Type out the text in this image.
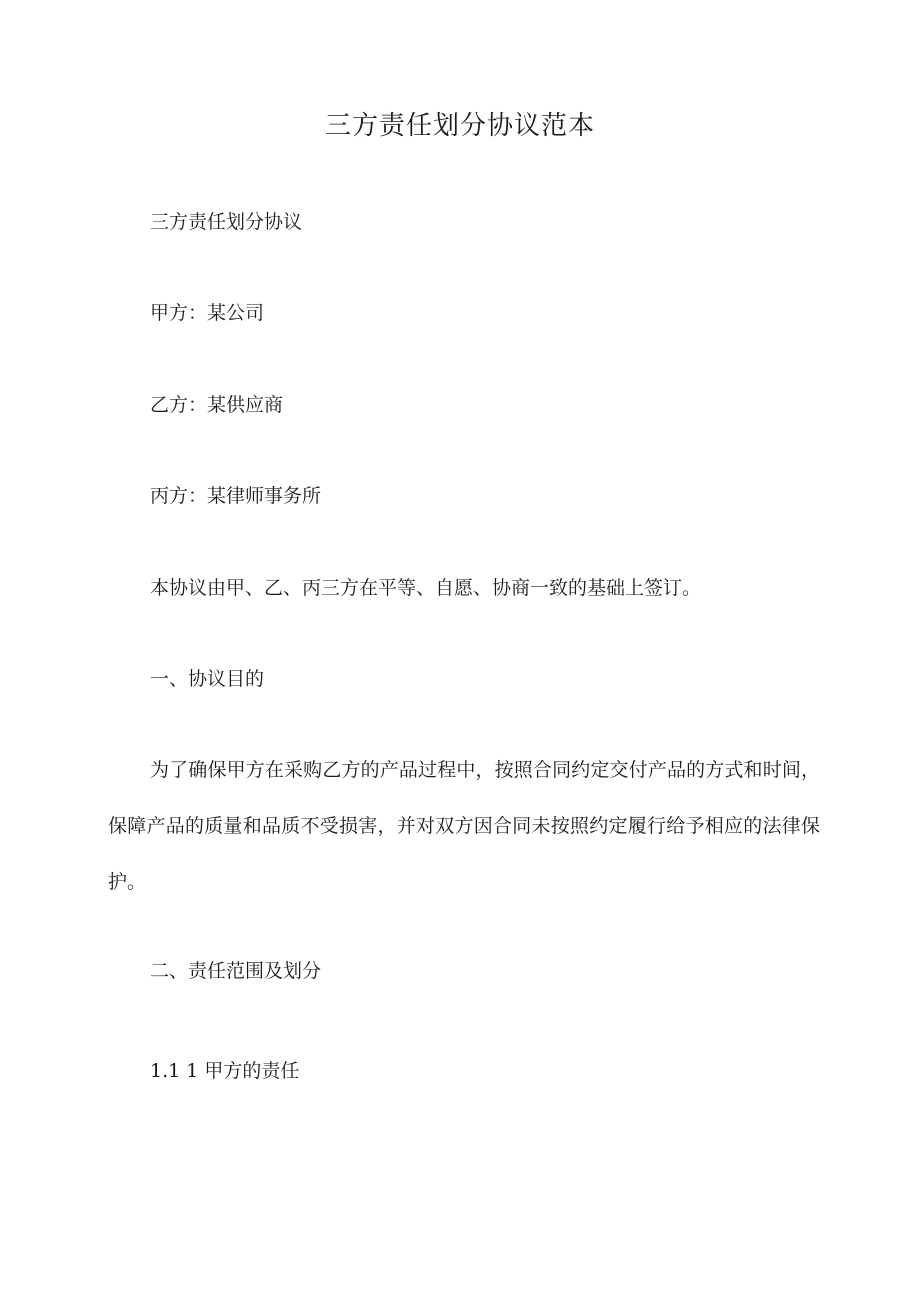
三方责任划分协议范本

三方责任划分协议

甲方：某公司

乙方：某供应商

丙方：某律师事务所

本协议由甲、乙、丙三方在平等、自愿、协商一致的基础上签订。

一、协议目的

为了确保甲方在采购乙方的产品过程中，按照合同约定交付产品的方式和时间，保障产品的质量和品质不受损害，并对双方因合同未按照约定履行给予相应的法律保护。

二、责任范围及划分

1.1 1 甲方的责任
